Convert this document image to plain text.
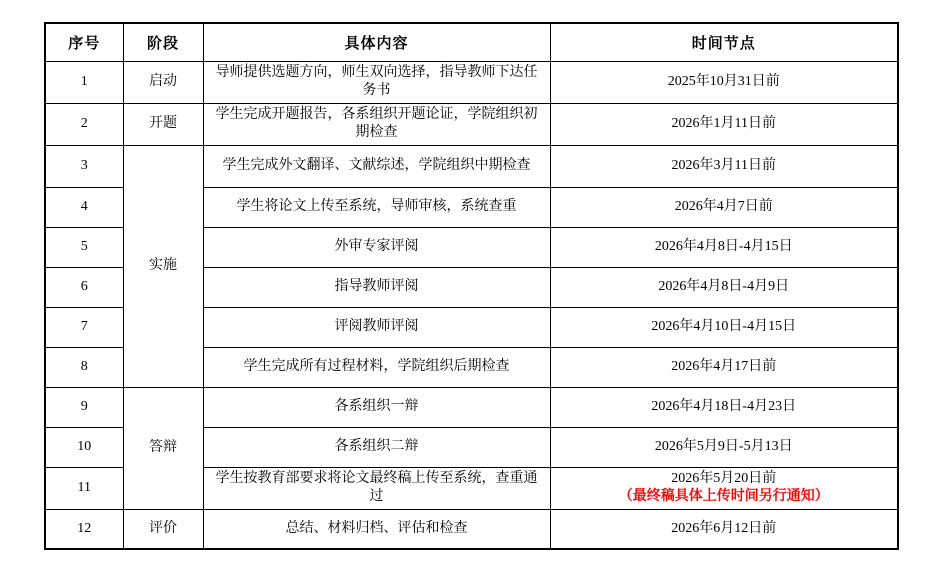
序号	阶段	具体内容	时间节点
1	启动	导师提供选题方向，师生双向选择，指导教师下达任务书	2025年10月31日前

2	开题	学生完成开题报告，各系组织开题论证，学院组织初期检查	2026年1月11日前

3	实施	学生完成外文翻译、文献综述，学院组织中期检查	2026年3月11日前

4		学生将论文上传至系统，导师审核，系统查重	2026年4月7日前

5		外审专家评阅	2026年4月8日-4月15日

6		指导教师评阅	2026年4月8日-4月9日

7		评阅教师评阅	2026年4月10日-4月15日

8		学生完成所有过程材料，学院组织后期检查	2026年4月17日前

9	答辩	各系组织一辩	2026年4月18日-4月23日

10		各系组织二辩	2026年5月9日-5月13日

11		学生按教育部要求将论文最终稿上传至系统，查重通过	2026年5月20日前
（最终稿具体上传时间另行通知）

12	评价	总结、材料归档、评估和检查	2026年6月12日前
